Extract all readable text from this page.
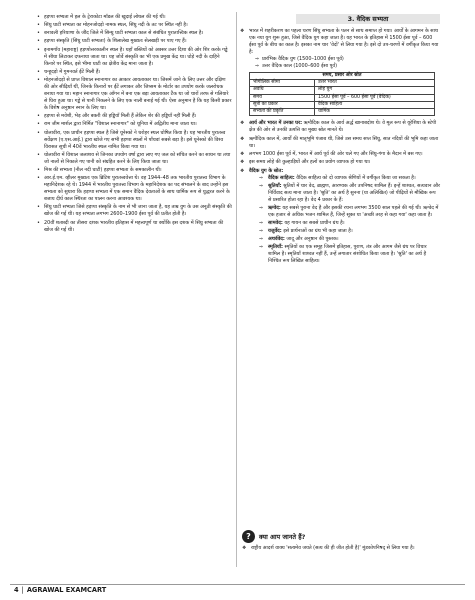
• हड़प्पा सभ्यता में हल के ट्रेराकोटा मॉडल की खुदाई लोथल की गई थी।
• सिंधु घाटी सभ्यता का मोहनजोदड़ो नामक स्थल, सिंधु नदी के तट पर स्थित नहीं है।
• बनावली हरियाणा के जींद जिले में सिन्धु घाटी सभ्यता काल से संबंधित पुरातात्त्विक स्थल है।
• हड़प्पा संस्कृति (सिंधु घाटी सभ्यता) के शिलालेख मुख्यतः सेलखड़ी पर पाए गए हैं।
• इनामगाँव (महाराष्ट्र) हड़प्पोत्तरकालीन स्थल है। यहाँ बस्तियों को अक्सर उत्तर दिशा की ओर शिर करके गड्ढे में सीधा लिटाकर दफनाया जाता था। यह जोर्वे संस्कृति का भी एक प्रमुख केंद्र था। घोड़े नदी के दाहिने किनारे पर स्थित, इसे भीमा घाटी का क्षेत्रीय केंद्र माना जाता है।
• चन्हूदड़ो में गुमनवर्त ईंटें मिली हैं।
• मोहनजोदड़ो से प्राप्त विशाल स्नानागार का आकार आयताकार था। जिसमें जाने के लिए उत्तर और दक्षिण की ओर सीढ़ियाँ थीं, जिनके किनारों पर ईंटें लगाकर और जिप्सम के मोर्टार का उपयोग करके जलरोधक बनाया गया था। महान स्नानागार एक आँगन में बना एक बड़ा आयताकार टैंक था जो चारों तरफ से गलियारे से घिरा हुआ था। गड्ढे से पानी निकलने के लिए एक नाली बनाई गई थी। ऐसा अनुमान है कि यह किसी प्रकार के विशेष अनुष्ठान स्नान के लिए था।
• हड़प्पा से मवेशी, भेड़ और बकरी की हड्डियाँ मिली हैं लेकिन शेर की हड्डियाँ नहीं मिली हैं।
• राम जीम मार्शल द्वारा निर्मित "विशाल स्नानागार" को धूनिया में अद्वितीय माना जाता था।
• धोलावीरा, एक प्राचीन हड़प्पा स्थल है जिसे यूनेस्को ने धरोहर स्थल घोषित किया है। यह भारतीय पुरातत्त्व सर्वेक्षण (ए.एस.आई.) द्वारा खोजे गए सभी हड़प्पा स्थलों में पाँचवां सबसे बड़ा है। इसे यूनेस्को की विश्व विरासत सूची में 40वें भारतीय स्थल नामित किया गया था।
• धोलावीरा में विशाल जलाशय से जिनका उपयोग वर्षा द्वारा लाए गए जल को संचित करने का साधन था तथा जो नालों से निकाले गए पानी को संग्रहित करने के लिए किया जाता था।
• मिश्र की सभ्यता (नील नदी घाटी) हड़प्पा सभ्यता के समकालीन थी।
• आर.ई.एम. व्हीलर मुख्यतः एक ब्रिटिश पुरातत्त्ववेत्ता थे। वह 1944–48 तक भारतीय पुरातत्त्व विभाग के महानिदेशक रहे थे। 1944 में भारतीय पुरातत्त्व विभाग के महानिदेशक का पद संभालने के बाद उन्होंने इस सभ्यता को सुधारा कि हड़प्पा सभ्यता में एक समान वैदिक देवताओं के साथ धार्मिक रूप से युद्धरत करने के बजाय दीर्घ काल स्थिरता का पालन करना आवश्यक था।
• सिंधु घाटी सभ्यता जिसे हड़प्पा संस्कृति के नाम से भी जाना जाता है, यह ताम्र युग के उस अनूठी संस्कृति की खोज की गई थी। यह सभ्यता लगभग 2600–1900 ईसा पूर्व की प्रतीत होती है।
• 20वीं शताब्दी का तीसरा दशक भारतीय इतिहास में महत्त्वपूर्ण था क्योंकि इस दशक में सिंधु सभ्यता की खोज की गई थी।
3. वैदिक सभ्यता
❖ भारत में शहरीकरण का पहला चरण सिंधु सभ्यता के पतन से साथ समाप्त हो गया। आर्यों के आगमन के साथ एक नया युग शुरू हुआ, जिसे वैदिक युग कहा जाता है। यह भारत के इतिहास में 1500 ईसा पूर्व – 600 ईसा पूर्व के बीच का काल है। इसका नाम चार 'वेदों' से लिया गया है। इसे दो उप-चरणों में वर्गीकृत किया गया है:
⇒ प्रारंभिक वैदिक युग (1500–1000 ईसा पूर्व)
⇒ उत्तर वैदिक काल (1000–600 ईसा पूर्व)
समय, प्रसार और स्रोत	
भौगोलिक सीमा	उत्तर भारत
अवधि	लौह युग
समय	1500 ईसा पूर्व – 600 ईसा पूर्व (वैदिक)
सूत्रों का प्रकार	वैदिक साहित्य
सभ्यता की प्रकृति	धार्मिक
❖ आर्य और भारत में उनका घर: ऋग्वैदिक काल के आर्य अर्द्ध खानाबदोश थे। वे मूल रूप से यूरेशिया के स्टेपी क्षेत्र की ओर से उनकी उत्पत्ति का मुख्य स्रोत मानते थे।
❖ ऋग्वैदिक काल में, आर्यों की मातृभूमि पंजाब थी, जिसे उस समय सप्त सिंधु, सात नदियों की भूमि कहा जाता था।
❖ लगभग 1000 ईसा पूर्व में, भारत में आर्य पूर्व की ओर चले गए और सिंधु-गंगा के मैदान में बस गए।
❖ इस समय लोहे की कुल्हाड़ियों और हलों का प्रयोग व्यापक हो गया था।
❖ वैदिक युग के स्रोत:
⇒ वैदिक साहित्य: वैदिक साहित्य को दो व्यापक श्रेणियों में वर्गीकृत किया जा सकता है।
⇒ श्रुतियाँ: श्रुतियों में चार वेद, ब्राह्मण, आरण्यक और उपनिषद शामिल हैं। इन्हें शाश्वत, सत्यवान और निर्विवाद सत्य माना जाता है। 'श्रुति' का अर्थ है सुनना (या अलिखित) जो पीढ़ियों से मौखिक रूप से प्रसारित होता रहा है। वेद 4 प्रकार के हैं:
⇒ ऋग्वेद: यह सबसे पुराना वेद है और इसकी रचना लगभग 3500 साल पहले की गई थी। ऋग्वेद में एक हजार से अधिक भजन शामिल हैं, जिन्हें सूक्त या 'अच्छी तरह से कहा गया' कहा जाता है।
⇒ सामवेद: यह गायन का सबसे प्राचीन ग्रंथ है।
⇒ यजुर्वेद: इसे प्रार्थनाओं का ग्रंथ भी कहा जाता है।
⇒ अथर्ववेद: जादू और अनुष्ठान की पुस्तक।
⇒ स्मृतियाँ: स्मृतियों का एक समूह जिसमें इतिहास, पुराण, तंत्र और आगम जैसे ग्रंथ पर विचार शामिल है। स्मृतियाँ शाश्वत नहीं हैं, उन्हें लगातार संशोधित किया जाता है। 'श्रुति' का अर्थ है निश्चित रूप लिखित साहित्य।
?	क्या आप जानते हैं?
❖ राष्ट्रीय आदर्श वाक्य 'सत्यमेव जयते (सत्य की ही जीत होती है)' मुंडकोपनिषद् से लिया गया है।
4 | AGRAWAL EXAMCART
